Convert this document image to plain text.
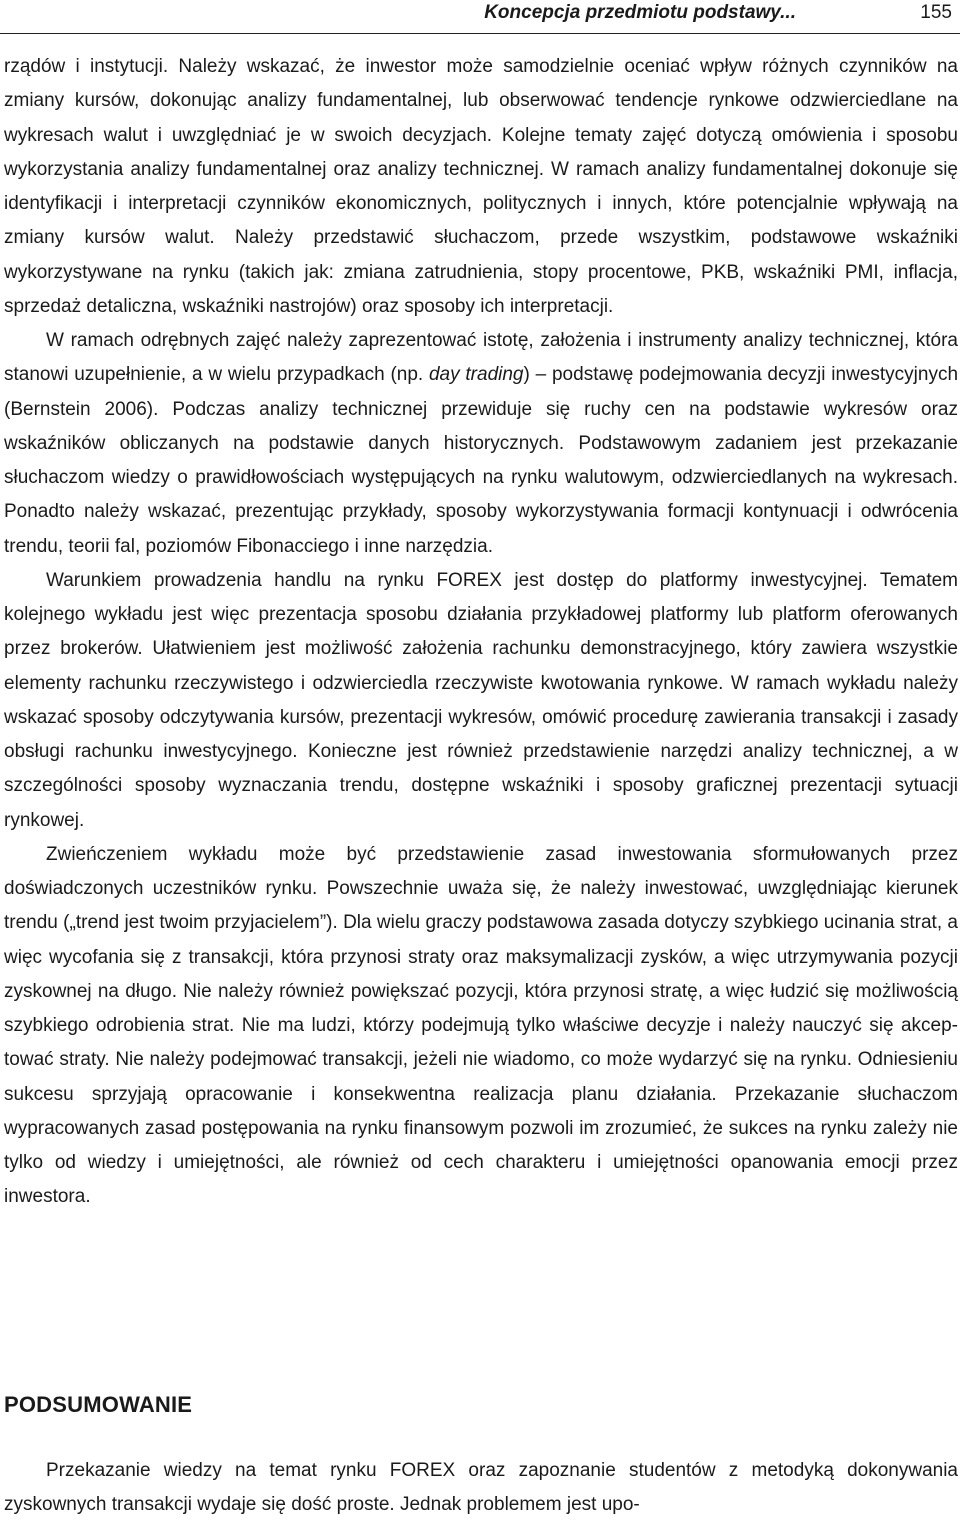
Koncepcja przedmiotu podstawy...	155

rządów i instytucji. Należy wskazać, że inwestor może samodzielnie oceniać wpływ różnych czynników na zmiany kursów, dokonując analizy fundamentalnej, lub obserwować tendencje rynkowe odzwierciedlane na wykresach walut i uwzględniać je w swoich decyzjach. Kolejne tematy zajęć dotyczą omówienia i sposobu wykorzystania analizy fundamentalnej oraz analizy technicznej. W ramach analizy fundamentalnej dokonuje się identyfikacji i interpretacji czynników ekonomicznych, politycznych i innych, które potencjalnie wpływają na zmiany kursów walut. Należy przedstawić słuchaczom, przede wszystkim, podstawowe wskaźniki wykorzystywane na rynku (takich jak: zmiana zatrudnienia, stopy procentowe, PKB, wskaźniki PMI, inflacja, sprzedaż detaliczna, wskaźniki nastrojów) oraz sposoby ich interpretacji.

W ramach odrębnych zajęć należy zaprezentować istotę, założenia i instrumenty analizy technicznej, która stanowi uzupełnienie, a w wielu przypadkach (np. day trading) – podstawę podejmowania decyzji inwestycyjnych (Bernstein 2006). Podczas analizy technicznej przewiduje się ruchy cen na podstawie wykresów oraz wskaźników obliczanych na podstawie danych historycznych. Podstawowym zadaniem jest przekazanie słuchaczom wiedzy o prawidłowościach występujących na rynku walutowym, odzwierciedlanych na wykresach. Ponadto należy wskazać, prezentując przykłady, sposoby wykorzystywania formacji kontynuacji i odwrócenia trendu, teorii fal, poziomów Fibonacciego i inne narzędzia.

Warunkiem prowadzenia handlu na rynku FOREX jest dostęp do platformy inwestycyjnej. Tematem kolejnego wykładu jest więc prezentacja sposobu działania przykładowej platformy lub platform oferowanych przez brokerów. Ułatwieniem jest możliwość założenia rachunku demonstracyjnego, który zawiera wszystkie elementy rachunku rzeczywistego i odzwierciedla rzeczywiste kwotowania rynkowe. W ramach wykładu należy wskazać sposoby odczytywania kursów, prezentacji wykresów, omówić procedurę zawierania transakcji i zasady obsługi rachunku inwestycyjnego. Konieczne jest również przedstawienie narzędzi analizy technicznej, a w szczególności sposoby wyznaczania trendu, dostępne wskaźniki i sposoby graficznej prezentacji sytuacji rynkowej.

Zwieńczeniem wykładu może być przedstawienie zasad inwestowania sformułowanych przez doświadczonych uczestników rynku. Powszechnie uważa się, że należy inwestować, uwzględniając kierunek trendu („trend jest twoim przyjacielem”). Dla wielu graczy podstawowa zasada dotyczy szybkiego ucinania strat, a więc wycofania się z transakcji, która przynosi straty oraz maksymalizacji zysków, a więc utrzymywania pozycji zyskownej na długo. Nie należy również powiększać pozycji, która przynosi stratę, a więc łudzić się możliwością szybkiego odrobienia strat. Nie ma ludzi, którzy podejmują tylko właściwe decyzje i należy nauczyć się akceptować straty. Nie należy podejmować transakcji, jeżeli nie wiadomo, co może wydarzyć się na rynku. Odniesieniu sukcesu sprzyjają opracowanie i konsekwentna realizacja planu działania. Przekazanie słuchaczom wypracowanych zasad postępowania na rynku finansowym pozwoli im zrozumieć, że sukces na rynku zależy nie tylko od wiedzy i umiejętności, ale również od cech charakteru i umiejętności opanowania emocji przez inwestora.

PODSUMOWANIE

Przekazanie wiedzy na temat rynku FOREX oraz zapoznanie studentów z metodyką dokonywania zyskownych transakcji wydaje się dość proste. Jednak problemem jest upo-
